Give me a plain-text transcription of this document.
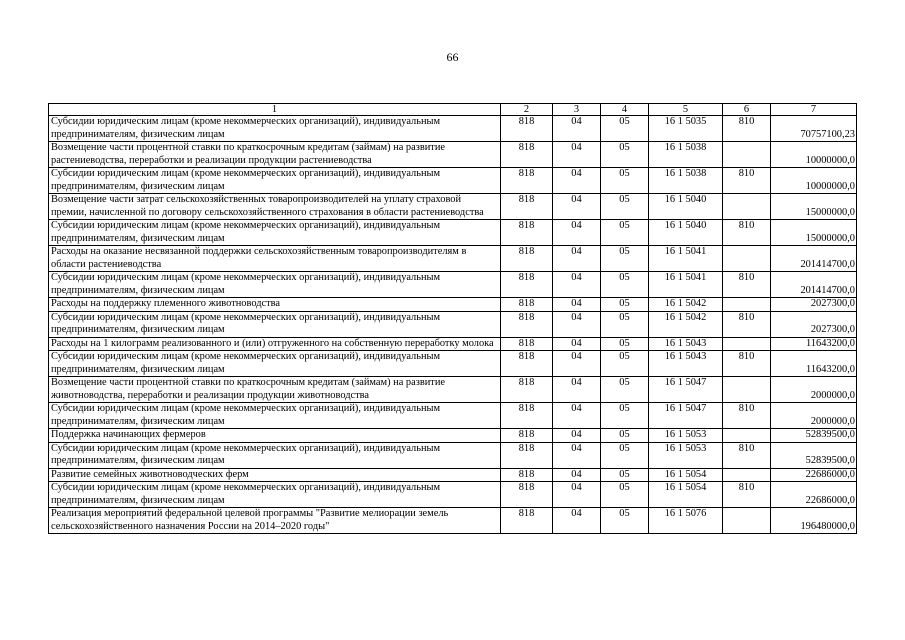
66
1	2	3	4	5	6	7
Субсидии юридическим лицам (кроме некоммерческих организаций), индивидуальным предпринимателям, физическим лицам	818	04	05	16 1 5035	810	70757100,23
Возмещение части процентной ставки по краткосрочным кредитам (займам) на развитие растениеводства, переработки и реализации продукции растениеводства	818	04	05	16 1 5038		10000000,0
Субсидии юридическим лицам (кроме некоммерческих организаций), индивидуальным предпринимателям, физическим лицам	818	04	05	16 1 5038	810	10000000,0
Возмещение части затрат сельскохозяйственных товаропроизводителей на уплату страховой премии, начисленной по договору сельскохозяйственного страхования в области растениеводства	818	04	05	16 1 5040		15000000,0
Субсидии юридическим лицам (кроме некоммерческих организаций), индивидуальным предпринимателям, физическим лицам	818	04	05	16 1 5040	810	15000000,0
Расходы на оказание несвязанной поддержки сельскохозяйственным товаропроизводителям в области растениеводства	818	04	05	16 1 5041		201414700,0
Субсидии юридическим лицам (кроме некоммерческих организаций), индивидуальным предпринимателям, физическим лицам	818	04	05	16 1 5041	810	201414700,0
Расходы на поддержку племенного животноводства	818	04	05	16 1 5042		2027300,0
Субсидии юридическим лицам (кроме некоммерческих организаций), индивидуальным предпринимателям, физическим лицам	818	04	05	16 1 5042	810	2027300,0
Расходы на 1 килограмм реализованного и (или) отгруженного на собственную переработку молока	818	04	05	16 1 5043		11643200,0
Субсидии юридическим лицам (кроме некоммерческих организаций), индивидуальным предпринимателям, физическим лицам	818	04	05	16 1 5043	810	11643200,0
Возмещение части процентной ставки по краткосрочным кредитам (займам) на развитие животноводства, переработки и реализации продукции животноводства	818	04	05	16 1 5047		2000000,0
Субсидии юридическим лицам (кроме некоммерческих организаций), индивидуальным предпринимателям, физическим лицам	818	04	05	16 1 5047	810	2000000,0
Поддержка начинающих фермеров	818	04	05	16 1 5053		52839500,0
Субсидии юридическим лицам (кроме некоммерческих организаций), индивидуальным предпринимателям, физическим лицам	818	04	05	16 1 5053	810	52839500,0
Развитие семейных животноводческих ферм	818	04	05	16 1 5054		22686000,0
Субсидии юридическим лицам (кроме некоммерческих организаций), индивидуальным предпринимателям, физическим лицам	818	04	05	16 1 5054	810	22686000,0
Реализация мероприятий федеральной целевой программы "Развитие мелиорации земель сельскохозяйственного назначения России на 2014–2020 годы"	818	04	05	16 1 5076		196480000,0
